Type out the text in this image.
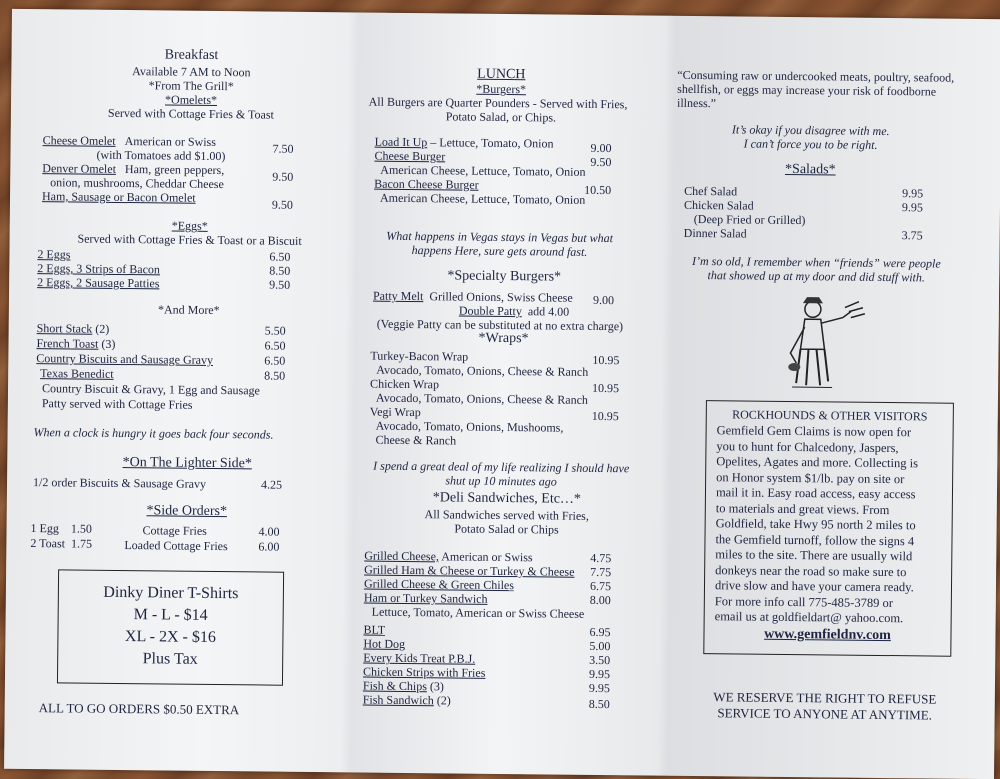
Breakfast
Available 7 AM to Noon
*From The Grill*
*Omelets*
Served with Cottage Fries & Toast
Cheese Omelet American or Swiss	7.50
(with Tomatoes add $1.00)
Denver Omelet Ham, green peppers,	9.50
onion, mushrooms, Cheddar Cheese
Ham, Sausage or Bacon Omelet	9.50
*Eggs*
Served with Cottage Fries & Toast or a Biscuit
2 Eggs	6.50
2 Eggs, 3 Strips of Bacon	8.50
2 Eggs, 2 Sausage Patties	9.50
*And More*
Short Stack (2)	5.50
French Toast (3)	6.50
Country Biscuits and Sausage Gravy	6.50
Texas Benedict	8.50
Country Biscuit & Gravy, 1 Egg and Sausage
Patty served with Cottage Fries
When a clock is hungry it goes back four seconds.
*On The Lighter Side*
1/2 order Biscuits & Sausage Gravy	4.25
*Side Orders*
1 Egg 1.50
2 Toast 1.75
Cottage Fries	4.00
Loaded Cottage Fries	6.00
Dinky Diner T-Shirts
M - L - $14
XL - 2X - $16
Plus Tax
ALL TO GO ORDERS $0.50 EXTRA
LUNCH
*Burgers*
All Burgers are Quarter Pounders - Served with Fries,
Potato Salad, or Chips.
Load It Up – Lettuce, Tomato, Onion	9.00
Cheese Burger	9.50
American Cheese, Lettuce, Tomato, Onion
Bacon Cheese Burger	10.50
American Cheese, Lettuce, Tomato, Onion
What happens in Vegas stays in Vegas but what happens Here, sure gets around fast.
*Specialty Burgers*
Patty Melt Grilled Onions, Swiss Cheese 9.00
Double Patty add 4.00
(Veggie Patty can be substituted at no extra charge)
*Wraps*
Turkey-Bacon Wrap	10.95
Avocado, Tomato, Onions, Cheese & Ranch
Chicken Wrap	10.95
Avocado, Tomato, Onions, Cheese & Ranch
Vegi Wrap	10.95
Avocado, Tomato, Onions, Mushooms,
Cheese & Ranch
I spend a great deal of my life realizing I should have shut up 10 minutes ago
*Deli Sandwiches, Etc…*
All Sandwiches served with Fries,
Potato Salad or Chips
Grilled Cheese, American or Swiss	4.75
Grilled Ham & Cheese or Turkey & Cheese 7.75
Grilled Cheese & Green Chiles	6.75
Ham or Turkey Sandwich	8.00
Lettuce, Tomato, American or Swiss Cheese
BLT	6.95
Hot Dog	5.00
Every Kids Treat P.B.J.	3.50
Chicken Strips with Fries	9.95
Fish & Chips (3)	9.95
Fish Sandwich (2)	8.50
“Consuming raw or undercooked meats, poultry, seafood, shellfish, or eggs may increase your risk of foodborne illness.”
It’s okay if you disagree with me.
I can’t force you to be right.
*Salads*
Chef Salad	9.95
Chicken Salad	9.95
(Deep Fried or Grilled)
Dinner Salad	3.75
I’m so old, I remember when “friends” were people
that showed up at my door and did stuff with.
ROCKHOUNDS & OTHER VISITORS
Gemfield Gem Claims is now open for
you to hunt for Chalcedony, Jaspers,
Opelites, Agates and more. Collecting is
on Honor system $1/lb. pay on site or
mail it in. Easy road access, easy access
to materials and great views. From
Goldfield, take Hwy 95 north 2 miles to
the Gemfield turnoff, follow the signs 4
miles to the site. There are usually wild
donkeys near the road so make sure to
drive slow and have your camera ready.
For more info call 775-485-3789 or
email us at goldfieldart@ yahoo.com.
www.gemfieldnv.com
WE RESERVE THE RIGHT TO REFUSE
SERVICE TO ANYONE AT ANYTIME.
